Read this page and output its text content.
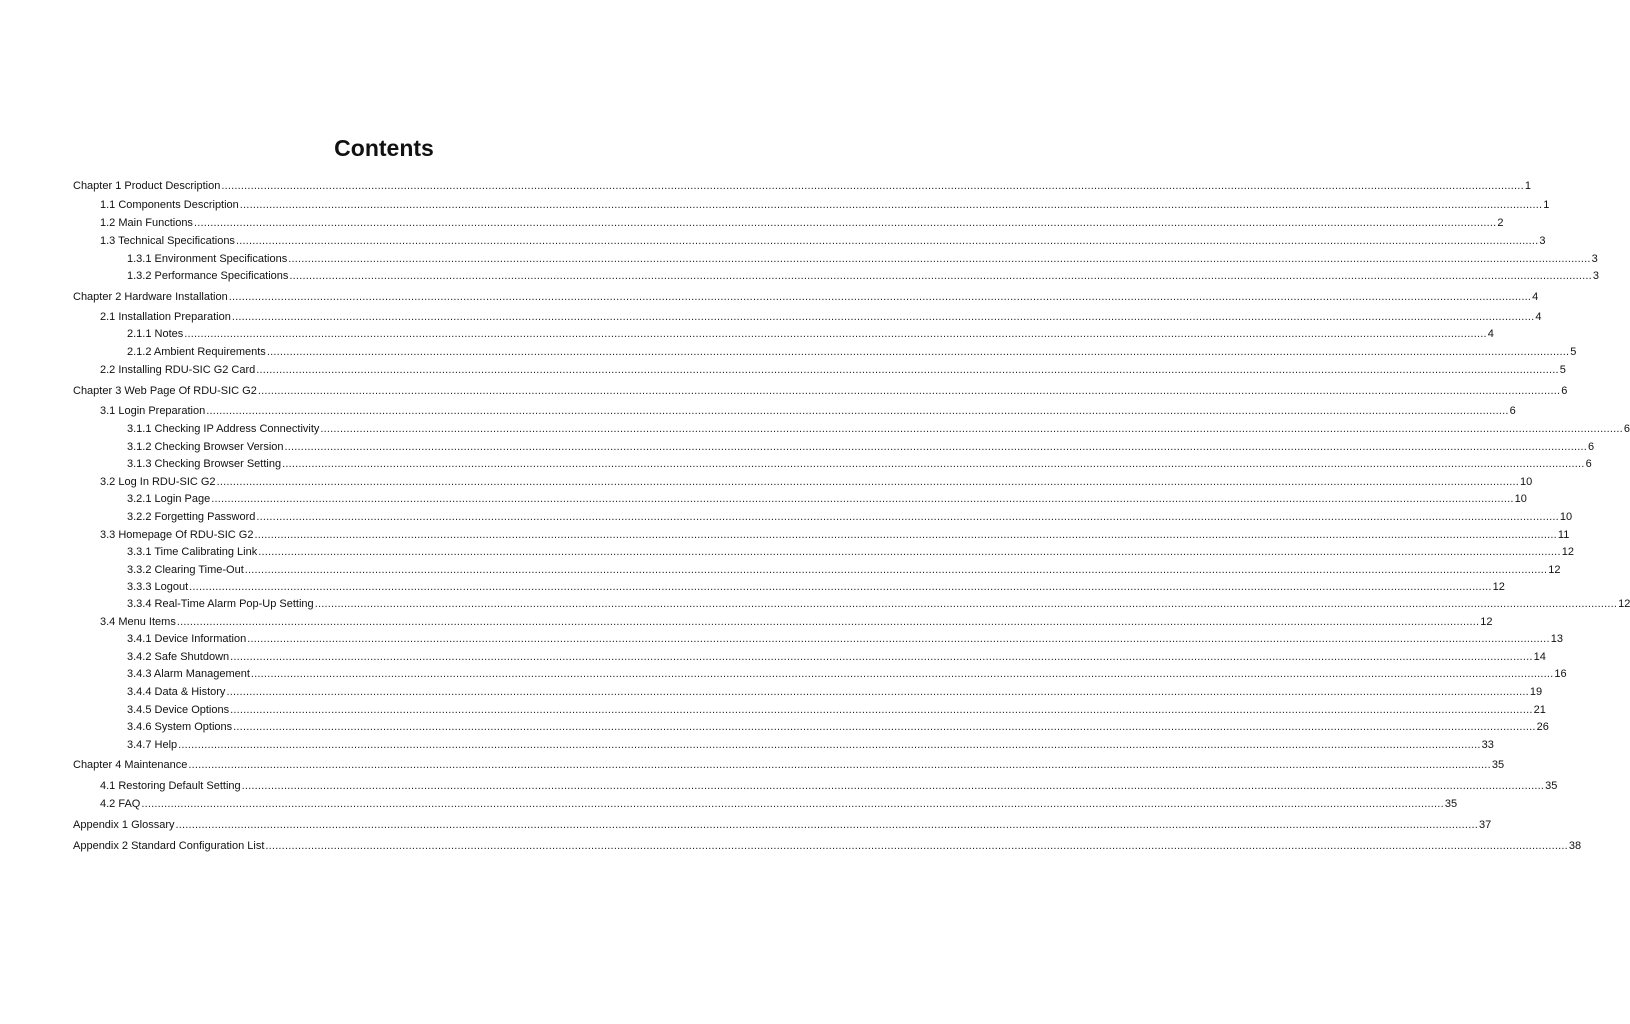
Contents
Chapter 1 Product Description ................................................................................................................................................................................................................................................................................................................................................................................................................ 1
1.1 Components Description ................................................................................................................................................................................................................................................................................................................................................................................................................ 1
1.2 Main Functions ................................................................................................................................................................................................................................................................................................................................................................................................................ 2
1.3 Technical Specifications ................................................................................................................................................................................................................................................................................................................................................................................................................ 3
1.3.1 Environment Specifications ................................................................................................................................................................................................................................................................................................................................................................................................................ 3
1.3.2 Performance Specifications ................................................................................................................................................................................................................................................................................................................................................................................................................ 3
Chapter 2 Hardware Installation ................................................................................................................................................................................................................................................................................................................................................................................................................ 4
2.1 Installation Preparation ................................................................................................................................................................................................................................................................................................................................................................................................................ 4
2.1.1 Notes ................................................................................................................................................................................................................................................................................................................................................................................................................ 4
2.1.2 Ambient Requirements ................................................................................................................................................................................................................................................................................................................................................................................................................ 5
2.2 Installing RDU-SIC G2 Card ................................................................................................................................................................................................................................................................................................................................................................................................................ 5
Chapter 3 Web Page Of RDU-SIC G2 ................................................................................................................................................................................................................................................................................................................................................................................................................ 6
3.1 Login Preparation ................................................................................................................................................................................................................................................................................................................................................................................................................ 6
3.1.1 Checking IP Address Connectivity ................................................................................................................................................................................................................................................................................................................................................................................................................ 6
3.1.2 Checking Browser Version ................................................................................................................................................................................................................................................................................................................................................................................................................ 6
3.1.3 Checking Browser Setting ................................................................................................................................................................................................................................................................................................................................................................................................................ 6
3.2 Log In RDU-SIC G2 ................................................................................................................................................................................................................................................................................................................................................................................................................ 10
3.2.1 Login Page ................................................................................................................................................................................................................................................................................................................................................................................................................ 10
3.2.2 Forgetting Password ................................................................................................................................................................................................................................................................................................................................................................................................................ 10
3.3 Homepage Of RDU-SIC G2 ................................................................................................................................................................................................................................................................................................................................................................................................................ 11
3.3.1 Time Calibrating Link ................................................................................................................................................................................................................................................................................................................................................................................................................ 12
3.3.2 Clearing Time-Out ................................................................................................................................................................................................................................................................................................................................................................................................................ 12
3.3.3 Logout ................................................................................................................................................................................................................................................................................................................................................................................................................ 12
3.3.4 Real-Time Alarm Pop-Up Setting ................................................................................................................................................................................................................................................................................................................................................................................................................ 12
3.4 Menu Items ................................................................................................................................................................................................................................................................................................................................................................................................................ 12
3.4.1 Device Information ................................................................................................................................................................................................................................................................................................................................................................................................................ 13
3.4.2 Safe Shutdown ................................................................................................................................................................................................................................................................................................................................................................................................................ 14
3.4.3 Alarm Management ................................................................................................................................................................................................................................................................................................................................................................................................................ 16
3.4.4 Data & History ................................................................................................................................................................................................................................................................................................................................................................................................................ 19
3.4.5 Device Options ................................................................................................................................................................................................................................................................................................................................................................................................................ 21
3.4.6 System Options ................................................................................................................................................................................................................................................................................................................................................................................................................ 26
3.4.7 Help ................................................................................................................................................................................................................................................................................................................................................................................................................ 33
Chapter 4 Maintenance ................................................................................................................................................................................................................................................................................................................................................................................................................ 35
4.1 Restoring Default Setting ................................................................................................................................................................................................................................................................................................................................................................................................................ 35
4.2 FAQ ................................................................................................................................................................................................................................................................................................................................................................................................................ 35
Appendix 1 Glossary ................................................................................................................................................................................................................................................................................................................................................................................................................ 37
Appendix 2 Standard Configuration List ................................................................................................................................................................................................................................................................................................................................................................................................................ 38
